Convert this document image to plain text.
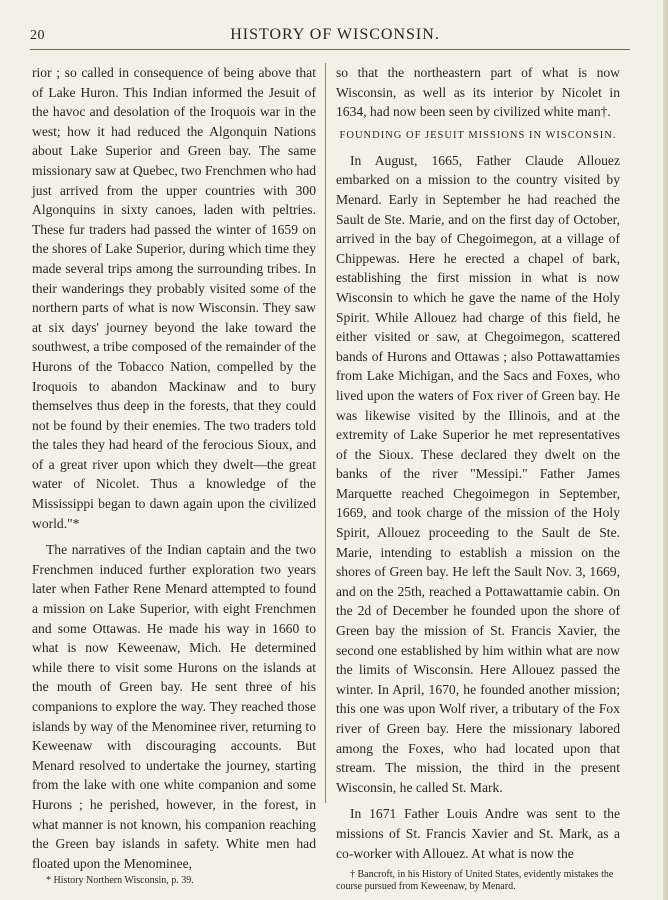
20	HISTORY OF WISCONSIN.

rior ; so called in consequence of being above that of Lake Huron. This Indian informed the Jesuit of the havoc and desolation of the Iroquois war in the west; how it had reduced the Algonquin Nations about Lake Superior and Green bay. The same missionary saw at Quebec, two Frenchmen who had just arrived from the upper countries with 300 Algonquins in sixty canoes, laden with peltries. These fur traders had passed the winter of 1659 on the shores of Lake Superior, during which time they made several trips among the surrounding tribes. In their wanderings they probably visited some of the northern parts of what is now Wisconsin. They saw at six days' journey beyond the lake toward the southwest, a tribe composed of the remainder of the Hurons of the Tobacco Nation, compelled by the Iroquois to abandon Mackinaw and to bury themselves thus deep in the forests, that they could not be found by their enemies. The two traders told the tales they had heard of the ferocious Sioux, and of a great river upon which they dwelt—the great water of Nicolet. Thus a knowledge of the Mississippi began to dawn again upon the civilized world."*

The narratives of the Indian captain and the two Frenchmen induced further exploration two years later when Father Rene Menard attempted to found a mission on Lake Superior, with eight Frenchmen and some Ottawas. He made his way in 1660 to what is now Keweenaw, Mich. He determined while there to visit some Hurons on the islands at the mouth of Green bay. He sent three of his companions to explore the way. They reached those islands by way of the Menominee river, returning to Keweenaw with discouraging accounts. But Menard resolved to undertake the journey, starting from the lake with one white companion and some Hurons ; he perished, however, in the forest, in what manner is not known, his companion reaching the Green bay islands in safety. White men had floated upon the Menominee,

* History Northern Wisconsin, p. 39.

so that the northeastern part of what is now Wisconsin, as well as its interior by Nicolet in 1634, had now been seen by civilized white man†.

FOUNDING OF JESUIT MISSIONS IN WISCONSIN.

In August, 1665, Father Claude Allouez embarked on a mission to the country visited by Menard. Early in September he had reached the Sault de Ste. Marie, and on the first day of October, arrived in the bay of Chegoimegon, at a village of Chippewas. Here he erected a chapel of bark, establishing the first mission in what is now Wisconsin to which he gave the name of the Holy Spirit. While Allouez had charge of this field, he either visited or saw, at Chegoimegon, scattered bands of Hurons and Ottawas ; also Pottawattamies from Lake Michigan, and the Sacs and Foxes, who lived upon the waters of Fox river of Green bay. He was likewise visited by the Illinois, and at the extremity of Lake Superior he met representatives of the Sioux. These declared they dwelt on the banks of the river "Messipi." Father James Marquette reached Chegoimegon in September, 1669, and took charge of the mission of the Holy Spirit, Allouez proceeding to the Sault de Ste. Marie, intending to establish a mission on the shores of Green bay. He left the Sault Nov. 3, 1669, and on the 25th, reached a Pottawattamie cabin. On the 2d of December he founded upon the shore of Green bay the mission of St. Francis Xavier, the second one established by him within what are now the limits of Wisconsin. Here Allouez passed the winter. In April, 1670, he founded another mission; this one was upon Wolf river, a tributary of the Fox river of Green bay. Here the missionary labored among the Foxes, who had located upon that stream. The mission, the third in the present Wisconsin, he called St. Mark.

In 1671 Father Louis Andre was sent to the missions of St. Francis Xavier and St. Mark, as a co-worker with Allouez. At what is now the

† Bancroft, in his History of United States, evidently mistakes the course pursued from Keweenaw, by Menard.
